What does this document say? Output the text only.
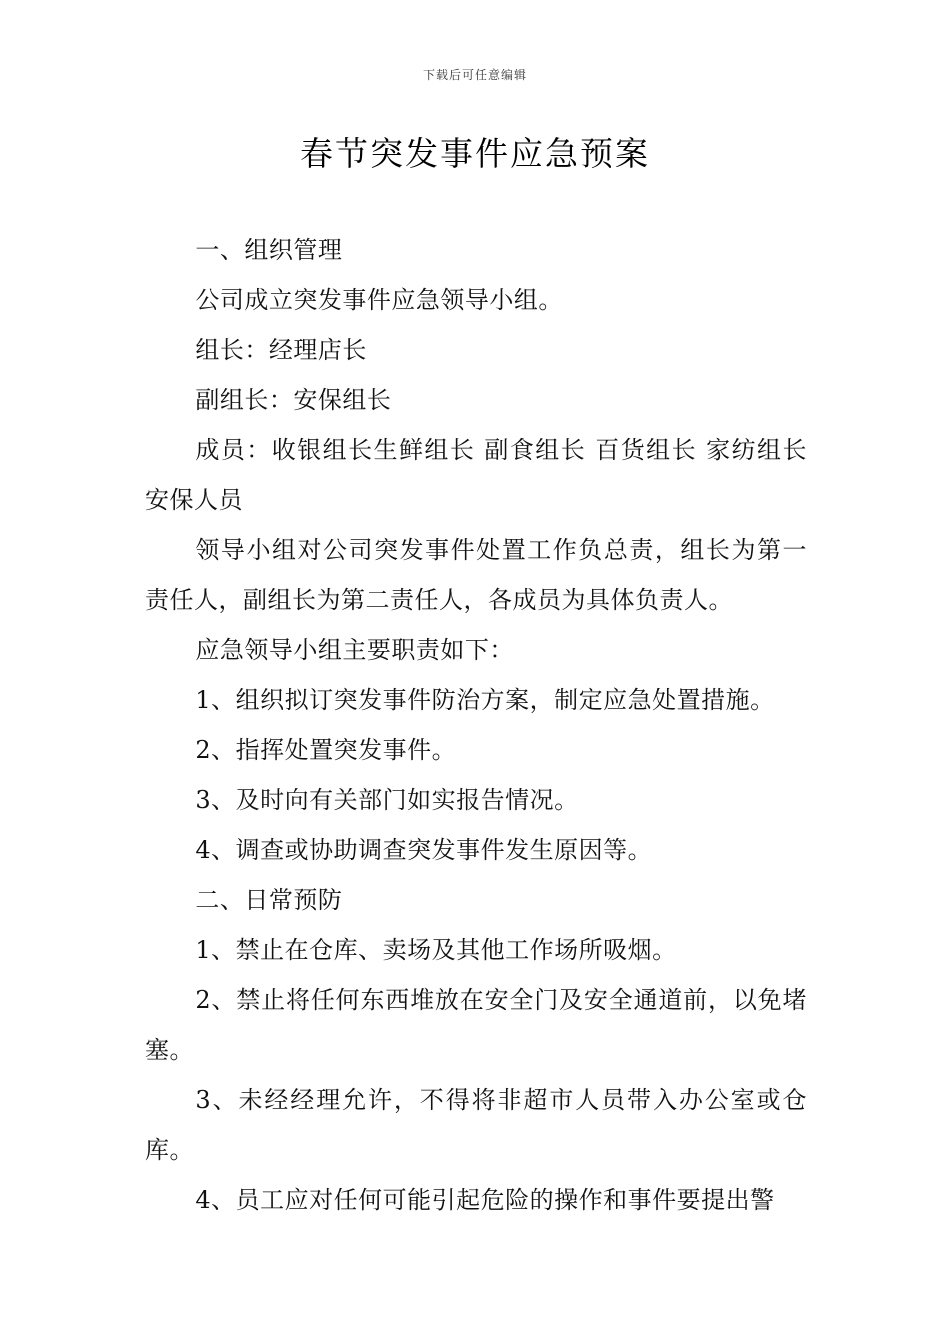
下载后可任意编辑
春节突发事件应急预案

一、组织管理

公司成立突发事件应急领导小组。

组长：经理店长

副组长：安保组长

成员：收银组长生鲜组长 副食组长 百货组长 家纺组长 安保人员

领导小组对公司突发事件处置工作负总责，组长为第一责任人，副组长为第二责任人，各成员为具体负责人。

应急领导小组主要职责如下：

1、组织拟订突发事件防治方案，制定应急处置措施。

2、指挥处置突发事件。

3、及时向有关部门如实报告情况。

4、调查或协助调查突发事件发生原因等。

二、日常预防

1、禁止在仓库、卖场及其他工作场所吸烟。

2、禁止将任何东西堆放在安全门及安全通道前，以免堵塞。

3、未经经理允许，不得将非超市人员带入办公室或仓库。

4、员工应对任何可能引起危险的操作和事件要提出警
